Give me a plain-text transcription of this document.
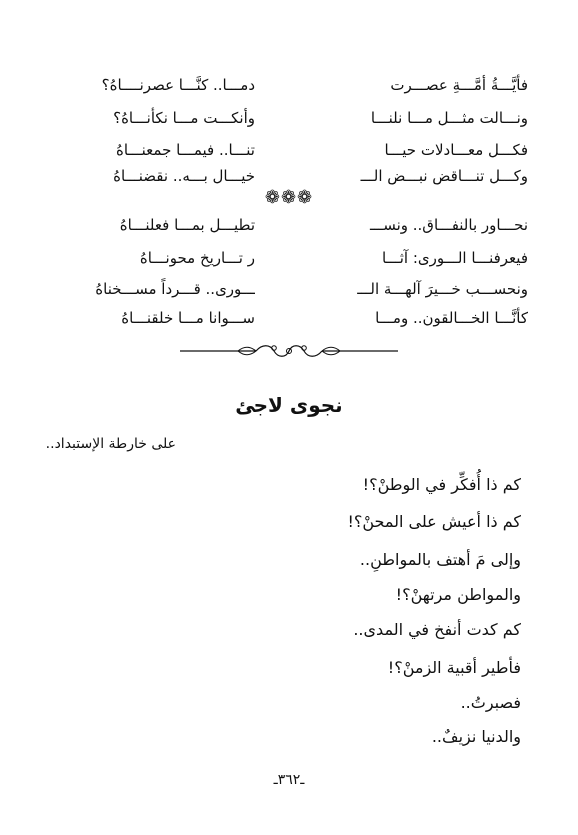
فأيَّـــةُ أمَّـــةِ عصـــرت
دمـــا.. كنَّـــا عصرنــــاهُ؟
ونـــالت مثـــل مـــا نلنـــا
وأنكـــت مـــا نكأنـــاهُ؟
فكـــل معـــادلات حيـــا
تنـــا.. فيمـــا جمعنـــاهُ
وكـــل تنـــاقض نبـــض الـــ
خيـــال بـــه.. نقضنـــاهُ
❁❁❁
نحـــاور بالنفـــاق.. ونســـ
تطيـــل بمـــا فعلنـــاهُ
فيعرفنـــا الـــورى: آثـــا
ر تـــاريخ محونـــاهُ
ونحســـب خـــيرَ آلهـــة الـــ
ـــورى.. قـــرداً مســـخناهُ
كأنَّـــا الخـــالقون.. ومـــا
ســـوانا مـــا خلقنـــاهُ
نجوى لاجئ
على خارطة الإستبداد..
كم ذا أُفكِّر في الوطنْ؟!
كم ذا أعيش على المحنْ؟!
وإلى مَ أهتف بالمواطنِ..
والمواطن مرتهنْ؟!
كم كدت أنفخ في المدى..
فأطير أقبية الزمنْ؟!
فصبرتُ..
والدنيا نزيفٌ..
ـ٣٦٢ـ
